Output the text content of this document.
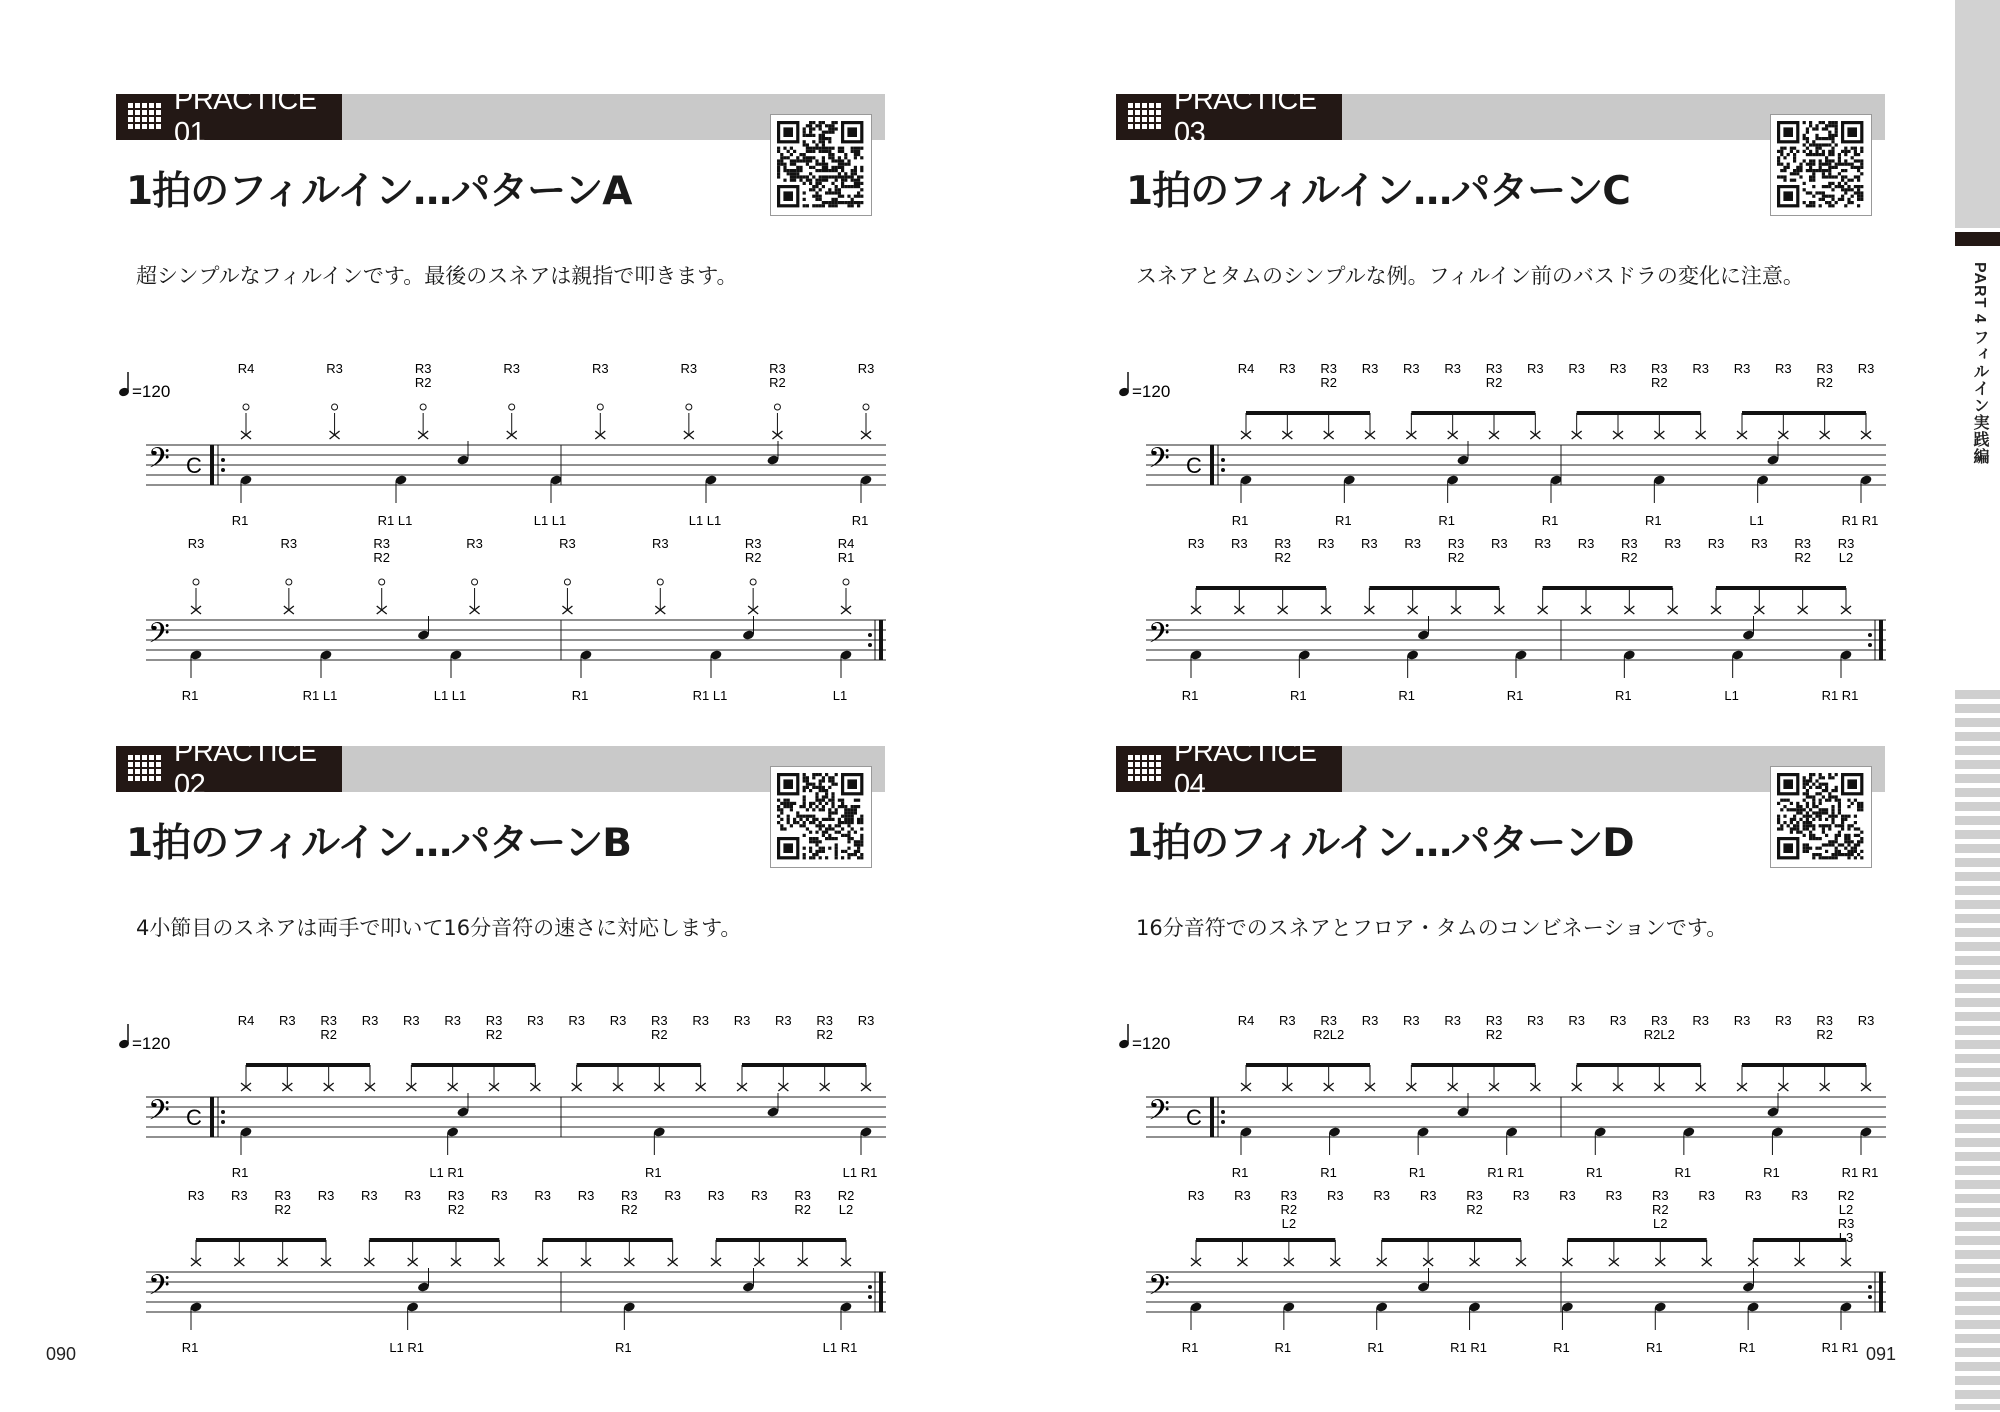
PRACTICE 01
1拍のフィルイン…パターンA
超シンプルなフィルインです。最後のスネアは親指で叩きます。
=120
𝄢 C
R4	R3	R3
R2
R3	R3	R3	R3
R2
R3
R1	R1 L1	L1 L1	L1 L1	R1
𝄢
R3	R3	R3
R2
R3	R3	R3	R3
R2
R4
R1
R1	R1 L1	L1 L1	R1	R1 L1	L1
PRACTICE 02
1拍のフィルイン…パターンB
4小節目のスネアは両手で叩いて16分音符の速さに対応します。
=120
𝄢 C
R4 R3 R3
R2
R3 R3 R3 R3
R2
R3 R3 R3 R3
R2
R3 R3 R3 R3
R2
R3
R1	L1 R1	R1	L1 R1
𝄢
R3 R3 R3
R2
R3 R3 R3 R3
R2
R3 R3 R3 R3
R2
R3 R3 R3 R3
R2
R2
L2
R1	L1 R1	R1	L1 R1
PRACTICE 03
1拍のフィルイン…パターンC
スネアとタムのシンプルな例。フィルイン前のバスドラの変化に注意。
=120
𝄢 C
R4 R3 R3
R2
R3 R3 R3 R3
R2
R3 R3 R3 R3
R2
R3 R3 R3 R3
R2
R3
R1	R1	R1	R1	R1	L1	R1 R1
𝄢
R3 R3 R3
R2
R3 R3 R3 R3
R2
R3 R3 R3 R3
R2
R3 R3 R3 R3
R2
R3
L2
R1	R1	R1	R1	R1	L1	R1 R1
PRACTICE 04
1拍のフィルイン…パターンD
16分音符でのスネアとフロア・タムのコンビネーションです。
=120
𝄢 C
R4 R3 R3
R2L2
R3 R3 R3 R3
R2
R3 R3 R3 R3
R2L2
R3 R3 R3 R3
R2
R3
R1	R1	R1	R1 R1	R1	R1	R1	R1 R1
𝄢
R3 R3 R3
R2
L2
R3 R3 R3 R3
R2
R3 R3 R3 R3
R2
L2
R3 R3 R3 R2
L2
R3
L3
R1	R1	R1	R1 R1	R1	R1	R1	R1 R1
090	091
PART 4 フィルイン実践編
